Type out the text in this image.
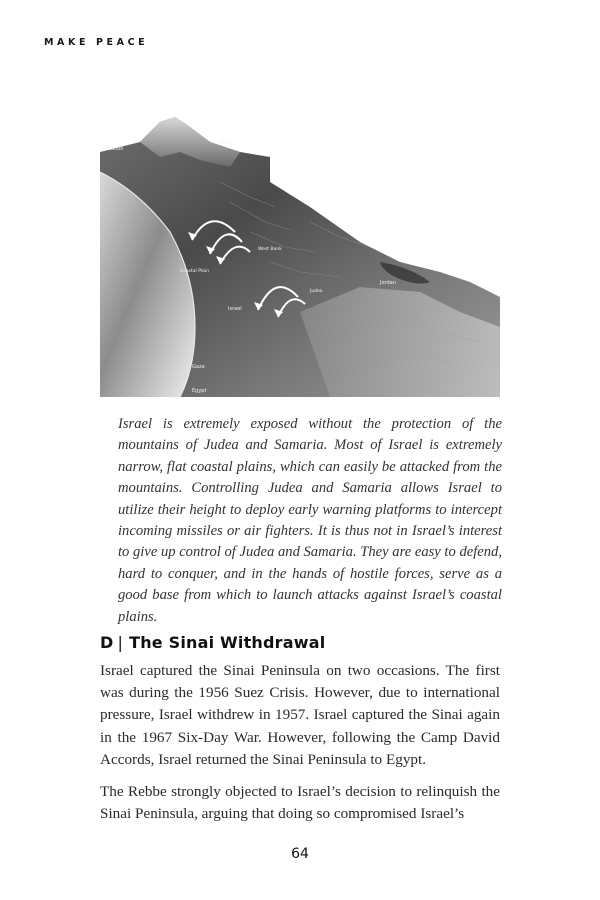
MAKE PEACE
Lebanon
Haifa
Coastal Plain
Israel
West Bank
Judea
Jordan
Gaza
Egypt

Israel is extremely exposed without the protection of the mountains of Judea and Samaria. Most of Israel is extremely narrow, flat coastal plains, which can easily be attacked from the mountains. Controlling Judea and Samaria allows Israel to utilize their height to deploy early warning platforms to intercept incoming missiles or air fighters. It is thus not in Israel’s interest to give up control of Judea and Samaria. They are easy to defend, hard to conquer, and in the hands of hostile forces, serve as a good base from which to launch attacks against Israel’s coastal plains.

D | The Sinai Withdrawal

Israel captured the Sinai Peninsula on two occasions. The first was during the 1956 Suez Crisis. However, due to international pressure, Israel withdrew in 1957. Israel captured the Sinai again in the 1967 Six-Day War. However, following the Camp David Accords, Israel returned the Sinai Peninsula to Egypt.

The Rebbe strongly objected to Israel’s decision to relinquish the Sinai Peninsula, arguing that doing so compromised Israel’s

64
